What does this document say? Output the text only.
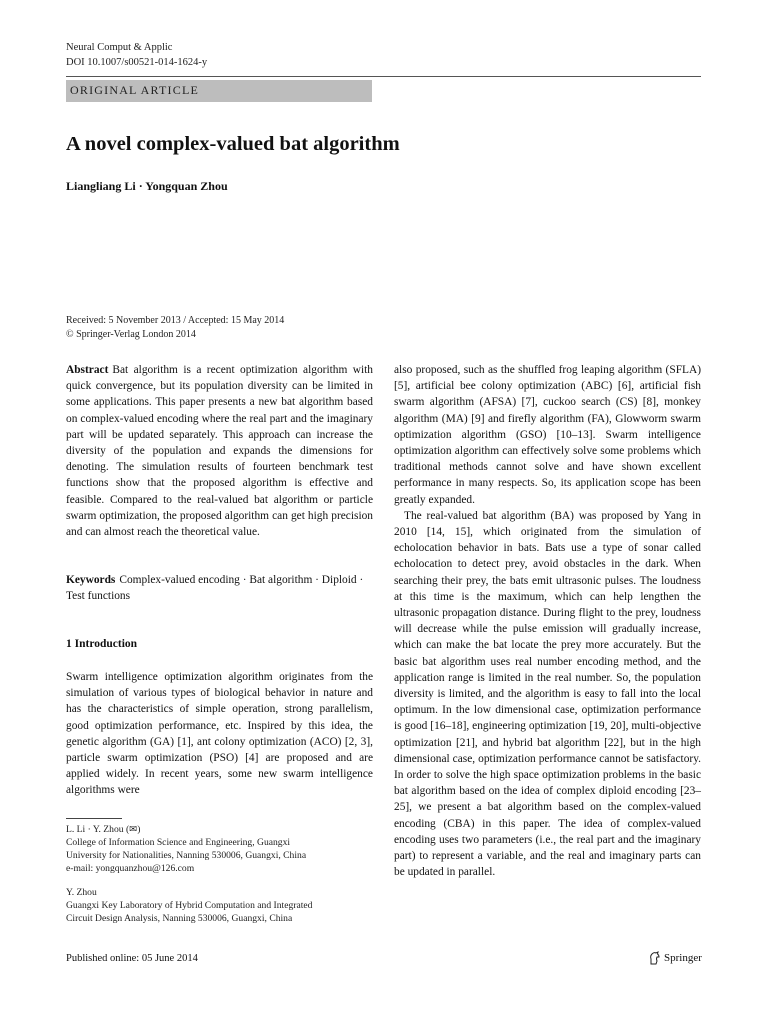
Neural Comput & Applic
DOI 10.1007/s00521-014-1624-y
ORIGINAL ARTICLE
A novel complex-valued bat algorithm
Liangliang Li · Yongquan Zhou
Received: 5 November 2013 / Accepted: 15 May 2014
© Springer-Verlag London 2014

Abstract Bat algorithm is a recent optimization algorithm with quick convergence, but its population diversity can be limited in some applications. This paper presents a new bat algorithm based on complex-valued encoding where the real part and the imaginary part will be updated separately. This approach can increase the diversity of the population and expands the dimensions for denoting. The simulation results of fourteen benchmark test functions show that the proposed algorithm is effective and feasible. Compared to the real-valued bat algorithm or particle swarm optimization, the proposed algorithm can get high precision and can almost reach the theoretical value.

Keywords Complex-valued encoding · Bat algorithm · Diploid · Test functions

1 Introduction

Swarm intelligence optimization algorithm originates from the simulation of various types of biological behavior in nature and has the characteristics of simple operation, strong parallelism, good optimization performance, etc. Inspired by this idea, the genetic algorithm (GA) [1], ant colony optimization (ACO) [2, 3], particle swarm optimization (PSO) [4] are proposed and are applied widely. In recent years, some new swarm intelligence algorithms were

L. Li · Y. Zhou (✉)
College of Information Science and Engineering, Guangxi
University for Nationalities, Nanning 530006, Guangxi, China
e-mail: yongquanzhou@126.com
Y. Zhou
Guangxi Key Laboratory of Hybrid Computation and Integrated
Circuit Design Analysis, Nanning 530006, Guangxi, China

also proposed, such as the shuffled frog leaping algorithm (SFLA) [5], artificial bee colony optimization (ABC) [6], artificial fish swarm algorithm (AFSA) [7], cuckoo search (CS) [8], monkey algorithm (MA) [9] and firefly algorithm (FA), Glowworm swarm optimization algorithm (GSO) [10–13]. Swarm intelligence optimization algorithm can effectively solve some problems which traditional methods cannot solve and have shown excellent performance in many respects. So, its application scope has been greatly expanded.

The real-valued bat algorithm (BA) was proposed by Yang in 2010 [14, 15], which originated from the simulation of echolocation behavior in bats. Bats use a type of sonar called echolocation to detect prey, avoid obstacles in the dark. When searching their prey, the bats emit ultrasonic pulses. The loudness at this time is the maximum, which can help lengthen the ultrasonic propagation distance. During flight to the prey, loudness will decrease while the pulse emission will gradually increase, which can make the bat locate the prey more accurately. But the basic bat algorithm uses real number encoding method, and the application range is limited in the real number. So, the population diversity is limited, and the algorithm is easy to fall into the local optimum. In the low dimensional case, optimization performance is good [16–18], engineering optimization [19, 20], multi-objective optimization [21], and hybrid bat algorithm [22], but in the high dimensional case, optimization performance cannot be satisfactory. In order to solve the high space optimization problems in the basic bat algorithm based on the idea of complex diploid encoding [23–25], we present a bat algorithm based on the complex-valued encoding (CBA) in this paper. The idea of complex-valued encoding uses two parameters (i.e., the real part and the imaginary part) to represent a variable, and the real and imaginary parts can be updated in parallel.

Published online: 05 June 2014	Springer
